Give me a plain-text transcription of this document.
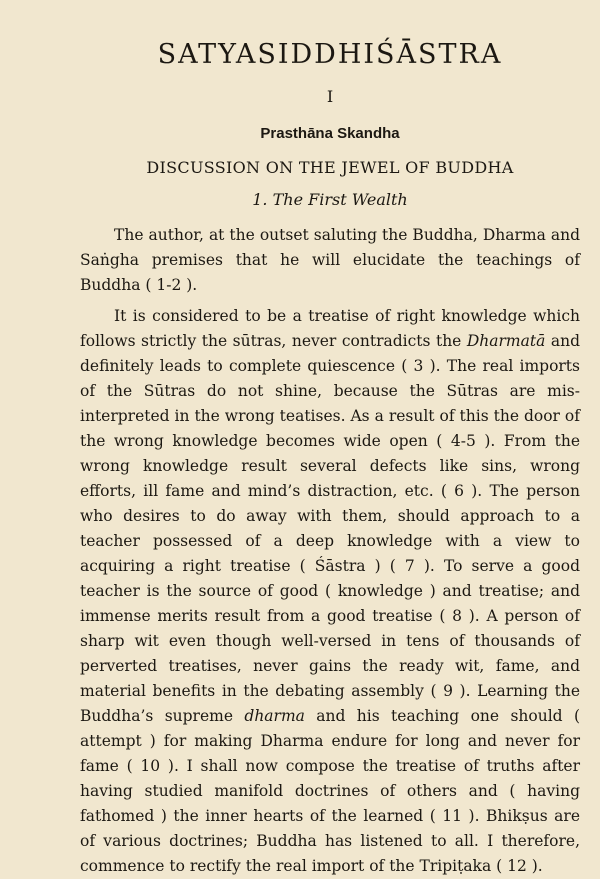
SATYASIDDHIŚĀSTRA
I
Prasthāna Skandha
DISCUSSION ON THE JEWEL OF BUDDHA
1. The First Wealth

The author, at the outset saluting the Buddha, Dharma and Saṅgha premises that he will elucidate the teachings of Buddha ( 1-2 ).

It is considered to be a treatise of right knowledge which follows strictly the sūtras, never contradicts the Dharmatā and definitely leads to complete quiescence ( 3 ). The real imports of the Sūtras do not shine, because the Sūtras are mis-interpreted in the wrong teatises. As a result of this the door of the wrong knowledge becomes wide open ( 4-5 ). From the wrong knowledge result several defects like sins, wrong efforts, ill fame and mind’s distraction, etc. ( 6 ). The person who desires to do away with them, should approach to a teacher possessed of a deep knowledge with a view to acquiring a right treatise ( Śāstra ) ( 7 ). To serve a good teacher is the source of good ( knowledge ) and treatise; and immense merits result from a good treatise ( 8 ). A person of sharp wit even though well-versed in tens of thousands of perverted treatises, never gains the ready wit, fame, and material benefits in the debating assembly ( 9 ). Learning the Buddha’s supreme dharma and his teaching one should ( attempt ) for making Dharma endure for long and never for fame ( 10 ). I shall now compose the treatise of truths after having studied manifold doctrines of others and ( having fathomed ) the inner hearts of the learned ( 11 ). Bhikṣus are of various doctrines; Buddha has listened to all. I therefore, commence to rectify the real import of the Tripiṭaka ( 12 ).
